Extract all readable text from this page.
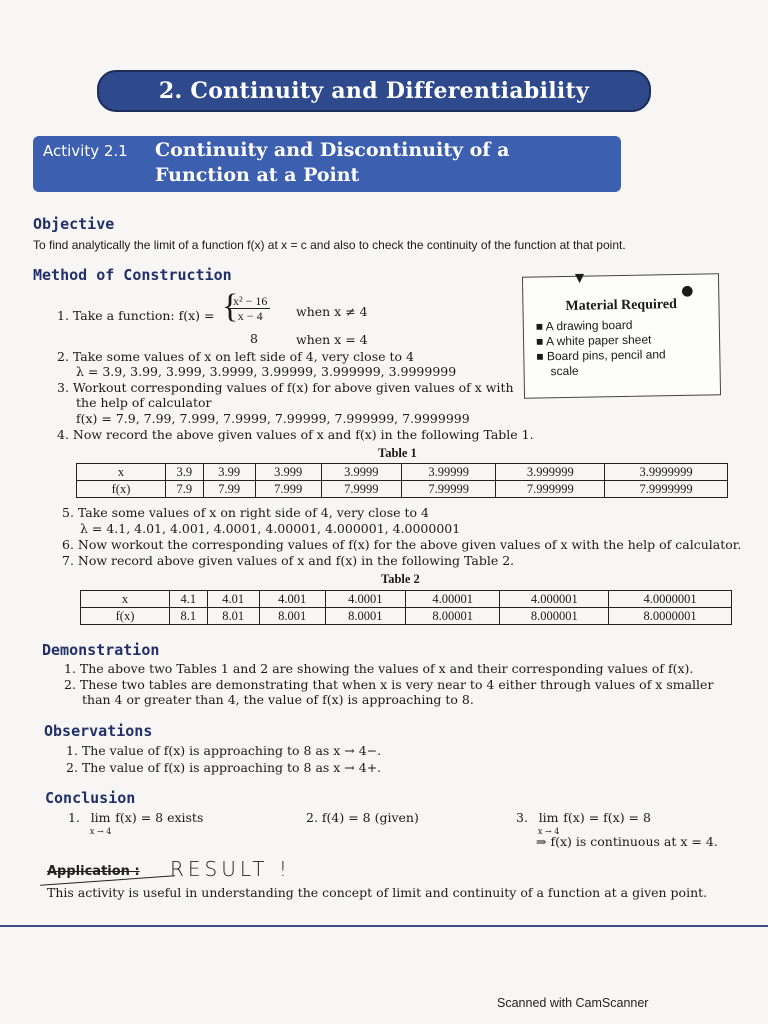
2. Continuity and Differentiability
Activity 2.1 Continuity and Discontinuity of a
Function at a Point
Objective
To find analytically the limit of a function f(x) at x = c and also to check the continuity of the function at that point.
Method of Construction
1. Take a function: f(x) = {
$\frac{\text{x² − 16}}{x - 4}$ when x ≠ 4
8	when x = 4
2. Take some values of x on left side of 4, very close to 4
λ = 3.9, 3.99, 3.999, 3.9999, 3.99999, 3.999999, 3.9999999
3. Workout corresponding values of f(x) for above given values of x with
the help of calculator
f(x) = 7.9, 7.99, 7.999, 7.9999, 7.99999, 7.999999, 7.9999999
4. Now record the above given values of x and f(x) in the following Table 1.
Material Required
●
▼
■ A drawing board
■ A white paper sheet
■ Board pins, pencil and
scale
Table 1
x	3.9	3.99	3.999	3.9999	3.99999	3.999999	3.9999999
f(x)	7.9	7.99	7.999	7.9999	7.99999	7.999999	7.9999999
5. Take some values of x on right side of 4, very close to 4
λ = 4.1, 4.01, 4.001, 4.0001, 4.00001, 4.000001, 4.0000001
6. Now workout the corresponding values of f(x) for the above given values of x with the help of calculator.
7. Now record above given values of x and f(x) in the following Table 2.
Table 2
x	4.1	4.01	4.001	4.0001	4.00001	4.000001	4.0000001
f(x)	8.1	8.01	8.001	8.0001	8.00001	8.000001	8.0000001
Demonstration
1. The above two Tables 1 and 2 are showing the values of x and their corresponding values of f(x).
2. These two tables are demonstrating that when x is very near to 4 either through values of x smaller
than 4 or greater than 4, the value of f(x) is approaching to 8.
Observations
1. The value of f(x) is approaching to 8 as x → 4−.
2. The value of f(x) is approaching to 8 as x → 4+.
Conclusion
1. lim
$^{x \to 4}$ f(x) = 8 exists	2. f(4) = 8 (given)	3. lim
$^{x \to 4}$ f(x) = f(x) = 8
⇒ f(x) is continuous at x = 4.
Application : RESULT !
This activity is useful in understanding the concept of limit and continuity of a function at a given point.
Scanned with CamScanner
